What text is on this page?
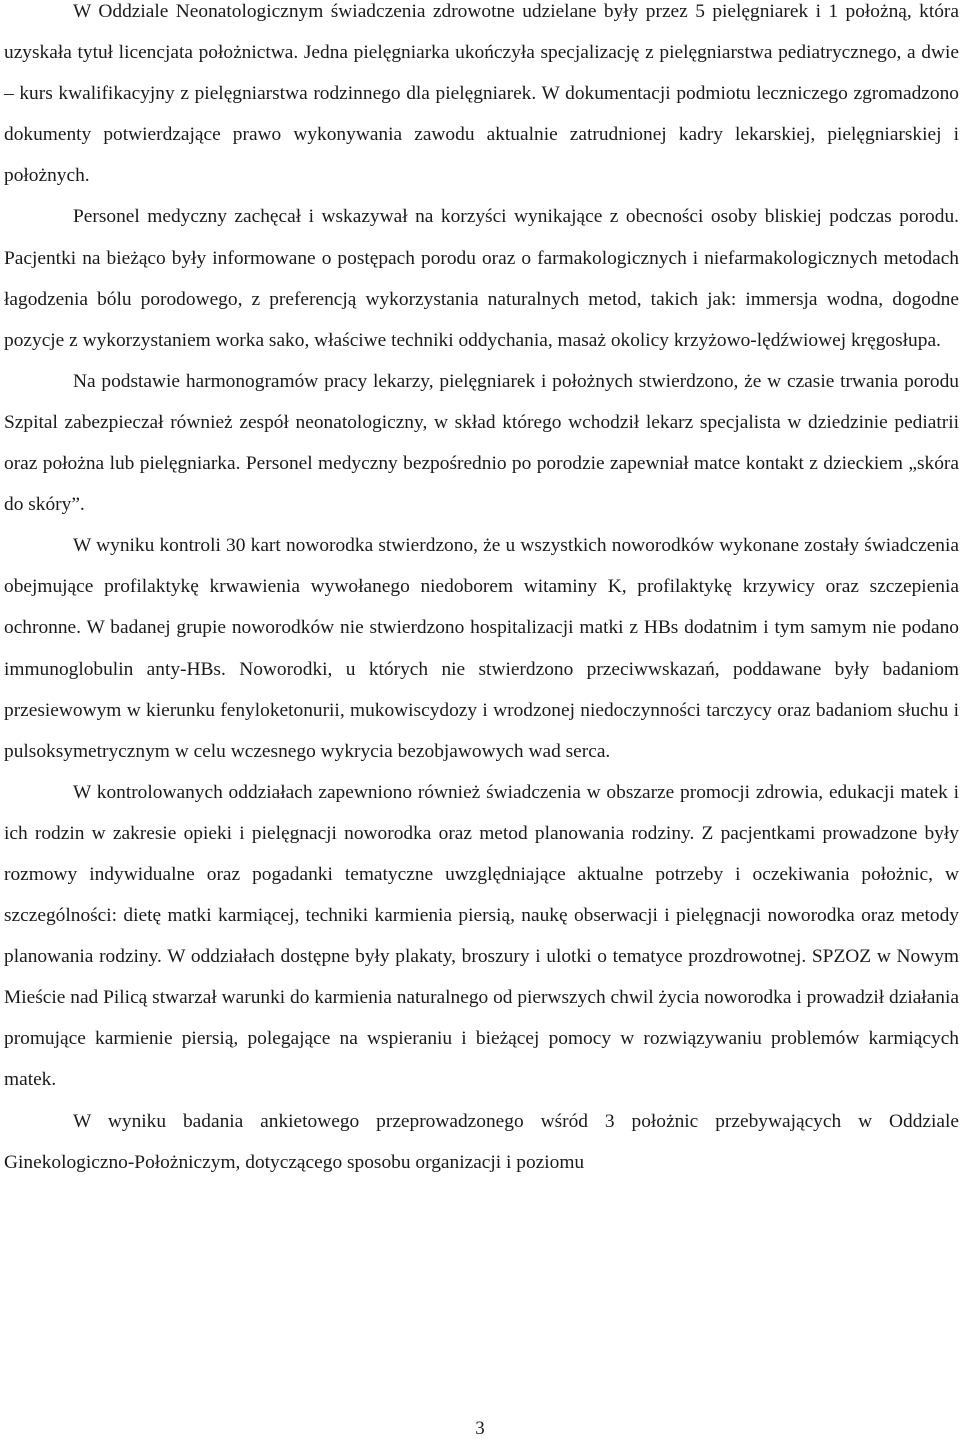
W Oddziale Neonatologicznym świadczenia zdrowotne udzielane były przez 5 pielęgniarek i 1 położną, która uzyskała tytuł licencjata położnictwa. Jedna pielęgniarka ukończyła specjalizację z pielęgniarstwa pediatrycznego, a dwie – kurs kwalifikacyjny z pielęgniarstwa rodzinnego dla pielęgniarek. W dokumentacji podmiotu leczniczego zgromadzono dokumenty potwierdzające prawo wykonywania zawodu aktualnie zatrudnionej kadry lekarskiej, pielęgniarskiej i położnych.

Personel medyczny zachęcał i wskazywał na korzyści wynikające z obecności osoby bliskiej podczas porodu. Pacjentki na bieżąco były informowane o postępach porodu oraz o farmakologicznych i niefarmakologicznych metodach łagodzenia bólu porodowego, z preferencją wykorzystania naturalnych metod, takich jak: immersja wodna, dogodne pozycje z wykorzystaniem worka sako, właściwe techniki oddychania, masaż okolicy krzyżowo-lędźwiowej kręgosłupa.

Na podstawie harmonogramów pracy lekarzy, pielęgniarek i położnych stwierdzono, że w czasie trwania porodu Szpital zabezpieczał również zespół neonatologiczny, w skład którego wchodził lekarz specjalista w dziedzinie pediatrii oraz położna lub pielęgniarka. Personel medyczny bezpośrednio po porodzie zapewniał matce kontakt z dzieckiem „skóra do skóry”.

W wyniku kontroli 30 kart noworodka stwierdzono, że u wszystkich noworodków wykonane zostały świadczenia obejmujące profilaktykę krwawienia wywołanego niedoborem witaminy K, profilaktykę krzywicy oraz szczepienia ochronne. W badanej grupie noworodków nie stwierdzono hospitalizacji matki z HBs dodatnim i tym samym nie podano immunoglobulin anty-HBs. Noworodki, u których nie stwierdzono przeciwwskazań, poddawane były badaniom przesiewowym w kierunku fenyloketonurii, mukowiscydozy i wrodzonej niedoczynności tarczycy oraz badaniom słuchu i pulsoksymetrycznym w celu wczesnego wykrycia bezobjawowych wad serca.

W kontrolowanych oddziałach zapewniono również świadczenia w obszarze promocji zdrowia, edukacji matek i ich rodzin w zakresie opieki i pielęgnacji noworodka oraz metod planowania rodziny. Z pacjentkami prowadzone były rozmowy indywidualne oraz pogadanki tematyczne uwzględniające aktualne potrzeby i oczekiwania położnic, w szczególności: dietę matki karmiącej, techniki karmienia piersią, naukę obserwacji i pielęgnacji noworodka oraz metody planowania rodziny. W oddziałach dostępne były plakaty, broszury i ulotki o tematyce prozdrowotnej. SPZOZ w Nowym Mieście nad Pilicą stwarzał warunki do karmienia naturalnego od pierwszych chwil życia noworodka i prowadził działania promujące karmienie piersią, polegające na wspieraniu i bieżącej pomocy w rozwiązywaniu problemów karmiących matek.

W wyniku badania ankietowego przeprowadzonego wśród 3 położnic przebywających w Oddziale Ginekologiczno-Położniczym, dotyczącego sposobu organizacji i poziomu

3
